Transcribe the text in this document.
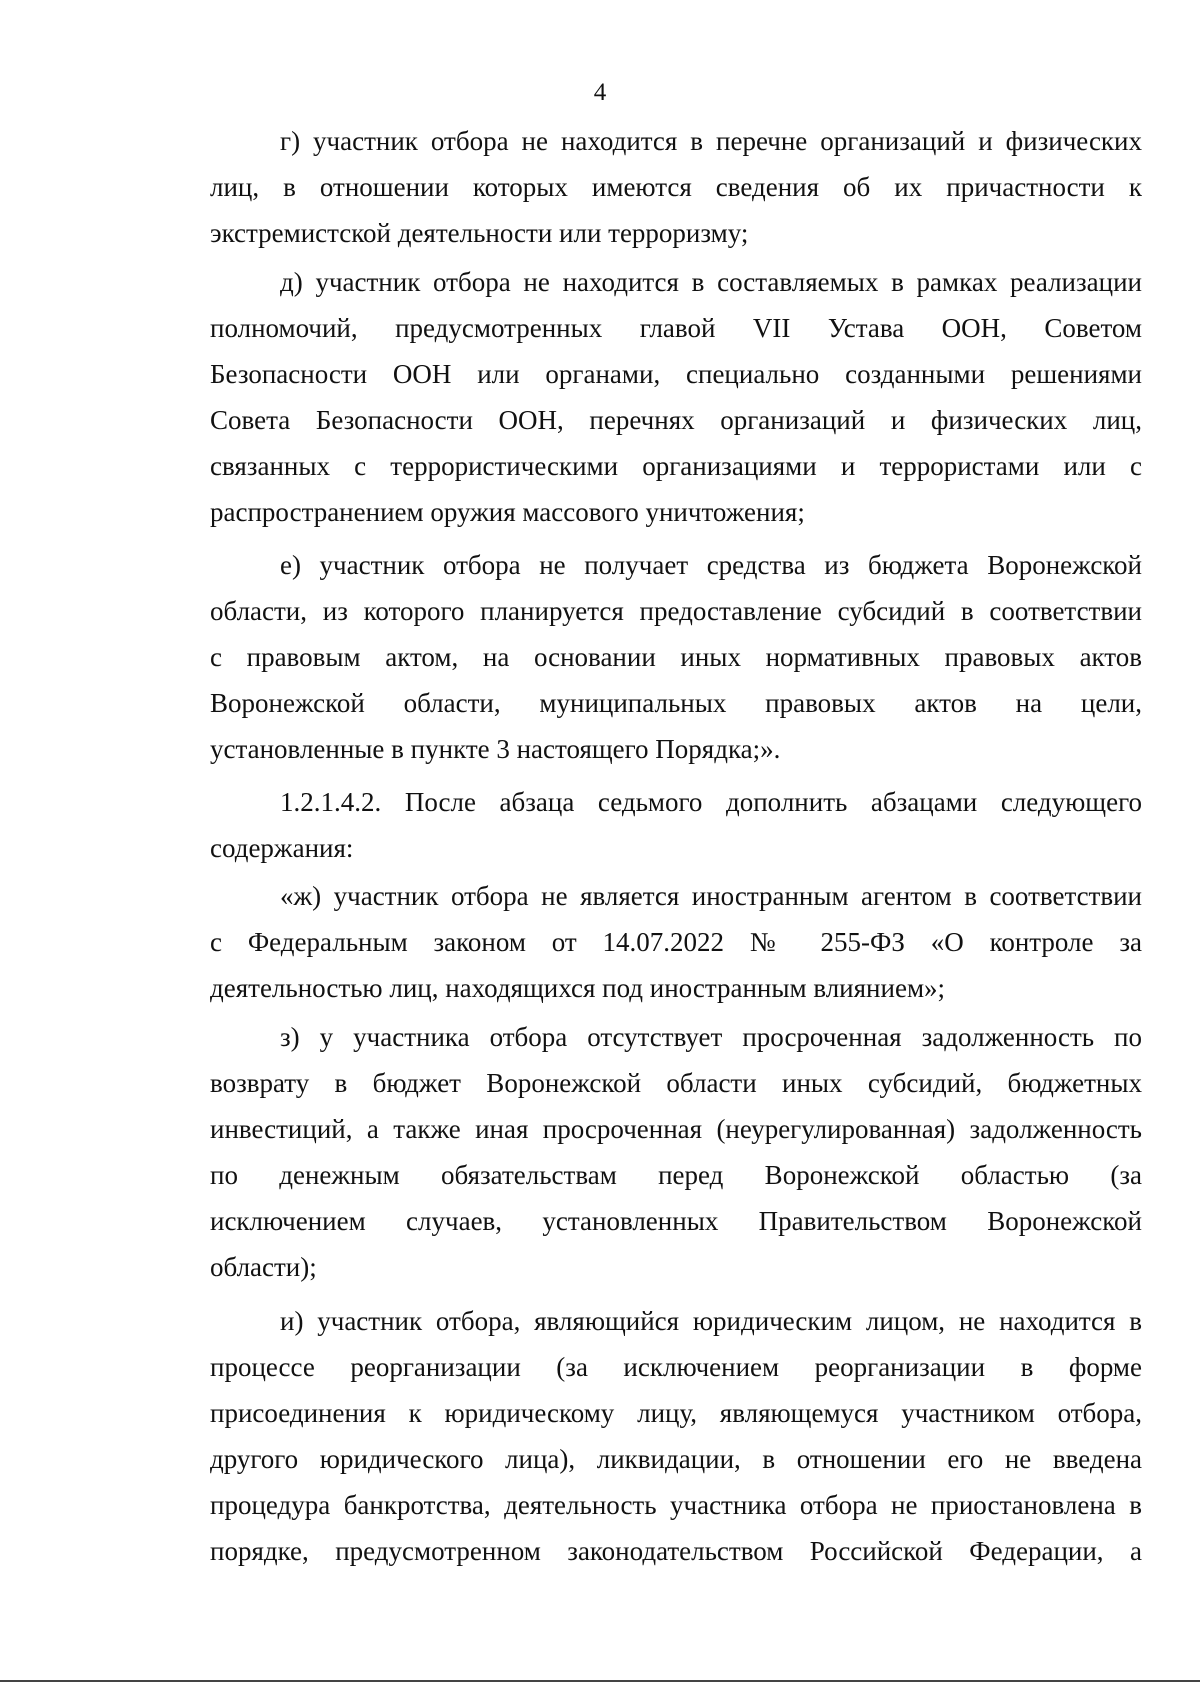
4
г) участник отбора не находится в перечне организаций и физических
лиц, в отношении которых имеются сведения об их причастности к
экстремистской деятельности или терроризму;
д) участник отбора не находится в составляемых в рамках реализации
полномочий, предусмотренных главой VII Устава ООН, Советом
Безопасности ООН или органами, специально созданными решениями
Совета Безопасности ООН, перечнях организаций и физических лиц,
связанных с террористическими организациями и террористами или с
распространением оружия массового уничтожения;
е) участник отбора не получает средства из бюджета Воронежской
области, из которого планируется предоставление субсидий в соответствии
с правовым актом, на основании иных нормативных правовых актов
Воронежской области, муниципальных правовых актов на цели,
установленные в пункте 3 настоящего Порядка;».
1.2.1.4.2. После абзаца седьмого дополнить абзацами следующего
содержания:
«ж) участник отбора не является иностранным агентом в соответствии
с Федеральным законом от 14.07.2022 № 255-ФЗ «О контроле за
деятельностью лиц, находящихся под иностранным влиянием»;
з) у участника отбора отсутствует просроченная задолженность по
возврату в бюджет Воронежской области иных субсидий, бюджетных
инвестиций, а также иная просроченная (неурегулированная) задолженность
по денежным обязательствам перед Воронежской областью (за
исключением случаев, установленных Правительством Воронежской
области);
и) участник отбора, являющийся юридическим лицом, не находится в
процессе реорганизации (за исключением реорганизации в форме
присоединения к юридическому лицу, являющемуся участником отбора,
другого юридического лица), ликвидации, в отношении его не введена
процедура банкротства, деятельность участника отбора не приостановлена в
порядке, предусмотренном законодательством Российской Федерации, а
